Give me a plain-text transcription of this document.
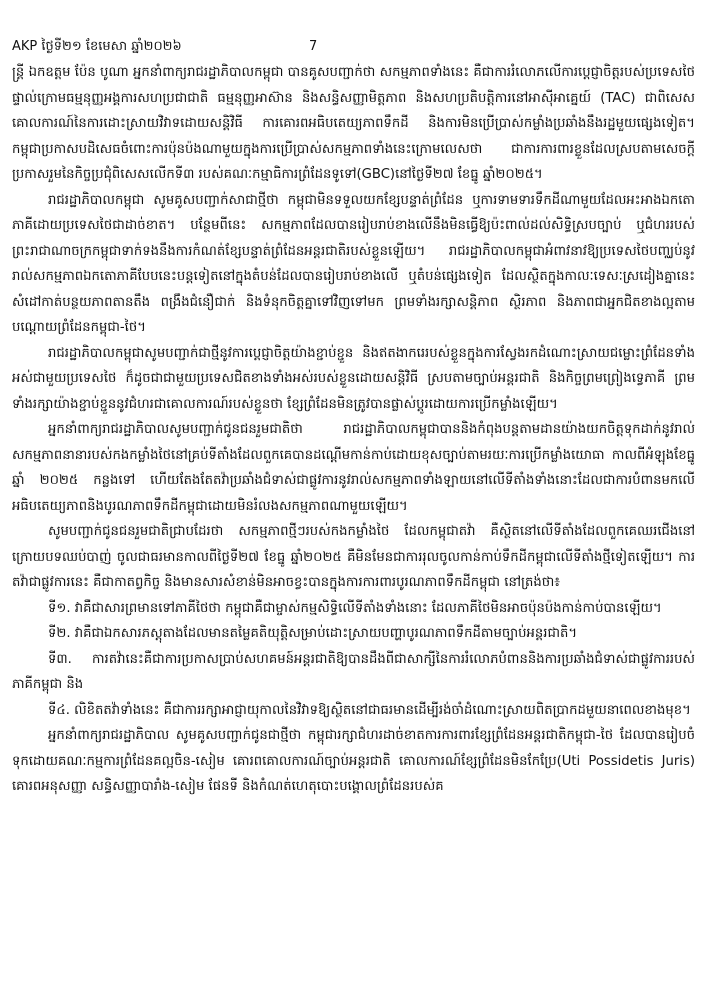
AKP ថ្ងៃទី២១ ខែមេសា ឆ្នាំ២០២៦	7

ន្ត្រី ឯកឧត្តម ប៉ែន បូណា អ្នកនាំពាក្យរាជរដ្ឋាភិបាលកម្ពុជា បានគូសបញ្ជាក់ថា សកម្មភាពទាំងនេះ គឺជាការរំលោភលើការប្តេជ្ញាចិត្តរបស់ប្រទេសថៃផ្ទាល់ក្រោមធម្មនុញ្ញអង្គការសហប្រជាជាតិ ធម្មនុញ្ញអាស៊ាន និងសន្ធិសញ្ញាមិត្តភាព និងសហប្រតិបត្តិការនៅអាស៊ីអាគ្នេយ៍ (TAC) ជាពិសេសគោលការណ៍នៃការដោះស្រាយវិវាទដោយសន្តិវិធី ការគោរពអធិបតេយ្យភាពទឹកដី និងការមិនប្រើប្រាស់កម្លាំងប្រឆាំងនឹងរដ្ឋមួយផ្សេងទៀត។ កម្ពុជាប្រកាសបដិសេធចំពោះការប៉ុនប៉ងណាមួយក្នុងការប្រើប្រាស់សកម្មភាពទាំងនេះក្រោមលេសថា ជាការការពារខ្លួនដែលស្របតាមសេចក្តីប្រកាសរួមនៃកិច្ចប្រជុំពិសេសលើកទី៣ របស់គណៈកម្មាធិការព្រំដែនទូទៅ(GBC)នៅថ្ងៃទី២៧ ខែធ្នូ ឆ្នាំ២០២៥។

រាជរដ្ឋាភិបាលកម្ពុជា សូមគូសបញ្ជាក់សាជាថ្មីថា កម្ពុជាមិនទទួលយកខ្សែបន្ទាត់ព្រំដែន ឬការទាមទារទឹកដីណាមួយដែលអះអាងឯកតោភាគីដោយប្រទេសថៃជាដាច់ខាត។ បន្ថែមពីនេះ សកម្មភាពដែលបានរៀបរាប់ខាងលើនឹងមិនធ្វើឱ្យប៉ះពាល់ដល់សិទ្ធិស្របច្បាប់ ឬជំហររបស់ព្រះរាជាណាចក្រកម្ពុជាទាក់ទងនឹងការកំណត់ខ្សែបន្ទាត់ព្រំដែនអន្តរជាតិរបស់ខ្លួនឡើយ។ រាជរដ្ឋាភិបាលកម្ពុជាអំពាវនាវឱ្យប្រទេសថៃបញ្ឈប់នូវរាល់សកម្មភាពឯកតោភាគីបែបនេះបន្តទៀតនៅក្នុងតំបន់ដែលបានរៀបរាប់ខាងលើ ឬតំបន់ផ្សេងទៀត ដែលស្ថិតក្នុងកាលៈទេសៈស្រដៀងគ្នានេះ សំដៅកាត់បន្ថយភាពតានតឹង ពង្រឹងជំនឿជាក់ និងទំនុកចិត្តគ្នាទៅវិញទៅមក ព្រមទាំងរក្សាសន្តិភាព ស្ថិរភាព និងភាពជាអ្នកជិតខាងល្អតាមបណ្តោយព្រំដែនកម្ពុជា-ថៃ។

រាជរដ្ឋាភិបាលកម្ពុជាសូមបញ្ជាក់ជាថ្មីនូវការប្តេជ្ញាចិត្តយ៉ាងខ្ជាប់ខ្ជួន និងឥតងាករេរបស់ខ្លួនក្នុងការស្វែងរកដំណោះស្រាយជម្លោះព្រំដែនទាំងអស់ជាមួយប្រទេសថៃ ក៏ដូចជាជាមួយប្រទេសជិតខាងទាំងអស់របស់ខ្លួនដោយសន្តិវិធី ស្របតាមច្បាប់អន្តរជាតិ និងកិច្ចព្រមព្រៀងទ្វេភាគី ព្រមទាំងរក្សាយ៉ាងខ្ជាប់ខ្ជួននូវជំហរជាគោលការណ៍របស់ខ្លួនថា ខ្សែព្រំដែនមិនត្រូវបានផ្លាស់ប្តូរដោយការប្រើកម្លាំងឡើយ។

អ្នកនាំពាក្យរាជរដ្ឋាភិបាលសូមបញ្ជាក់ជូនជនរួមជាតិថា រាជរដ្ឋាភិបាលកម្ពុជាបាននិងកំពុងបន្តតាមដានយ៉ាងយកចិត្តទុកដាក់នូវរាល់សកម្មភាពនានារបស់កងកម្លាំងថៃនៅគ្រប់ទីតាំងដែលពួកគេបានដណ្តើមកាន់កាប់ដោយខុសច្បាប់តាមរយៈការប្រើកម្លាំងយោធា កាលពីអំឡុងខែធ្នូឆ្នាំ ២០២៥ កន្លងទៅ ហើយតែងតែតវ៉ាប្រឆាំងជំទាស់ជាផ្លូវការនូវរាល់សកម្មភាពទាំងឡាយនៅលើទីតាំងទាំងនោះដែលជាការបំពានមកលើអធិបតេយ្យភាពនិងបូរណភាពទឹកដីកម្ពុជាដោយមិនរំលងសកម្មភាពណាមួយឡើយ។

សូមបញ្ជាក់ជូនជនរួមជាតិជ្រាបដែរថា សកម្មភាពថ្មីៗរបស់កងកម្លាំងថៃ ដែលកម្ពុជាតវ៉ា គឺស្ថិតនៅលើទីតាំងដែលពួកគេឈរជើងនៅក្រោយបទឈប់បាញ់ ចូលជាធរមានកាលពីថ្ងៃទី២៧ ខែធ្នូ ឆ្នាំ២០២៥ គឺមិនមែនជាការរុលចូលកាន់កាប់ទឹកដីកម្ពុជាលើទីតាំងថ្មីទៀតឡើយ។ ការតវ៉ាជាផ្លូវការនេះ គឺជាកាតព្វកិច្ច និងមានសារសំខាន់មិនអាចខ្វះបានក្នុងការការពារបូរណភាពទឹកដីកម្ពុជា នៅត្រង់ថា៖

ទី១. វាគឺជាសារព្រមានទៅភាគីថៃថា កម្ពុជាគឺជាម្ចាស់កម្មសិទ្ធិលើទីតាំងទាំងនោះ ដែលភាគីថៃមិនអាចប៉ុនប៉ងកាន់កាប់បានឡើយ។

ទី២. វាគឺជាឯកសារភស្តុតាងដែលមានតម្លៃគតិយុត្តិសម្រាប់ដោះស្រាយបញ្ហាបូរណភាពទឹកដីតាមច្បាប់អន្តរជាតិ។

ទី៣. ការតវ៉ានេះគឺជាការប្រកាសប្រាប់សហគមន៍អន្តរជាតិឱ្យបានដឹងពីជាសាក្សីនៃការរំលោភបំពាននិងការប្រឆាំងជំទាស់ជាផ្លូវការរបស់ភាគីកម្ពុជា និង

ទី៤. លិខិតតវ៉ាទាំងនេះ គឺជាការរក្សាអាជ្ញាយុកាលនៃវិវាទឱ្យស្ថិតនៅជាធរមានដើម្បីរង់ចាំដំណោះស្រាយពិតប្រាកដមួយនាពេលខាងមុខ។

អ្នកនាំពាក្យរាជរដ្ឋាភិបាល សូមគូសបញ្ជាក់ជូនជាថ្មីថា កម្ពុជារក្សាជំហរដាច់ខាតការការពារខ្សែព្រំដែនអន្តរជាតិកម្ពុជា-ថៃ ដែលបានរៀបចំទុកដោយគណៈកម្មការព្រំដែនគល្អចិន-សៀម គោរពគោលការណ៍ច្បាប់អន្តរជាតិ គោលការណ៍ខ្សែព្រំដែនមិនកែប្រែ(Uti Possidetis Juris) គោរពអនុសញ្ញា សន្ធិសញ្ញាបារាំង-សៀម ផែនទី និងកំណត់ហេតុបោះបង្គោលព្រំដែនរបស់គ
